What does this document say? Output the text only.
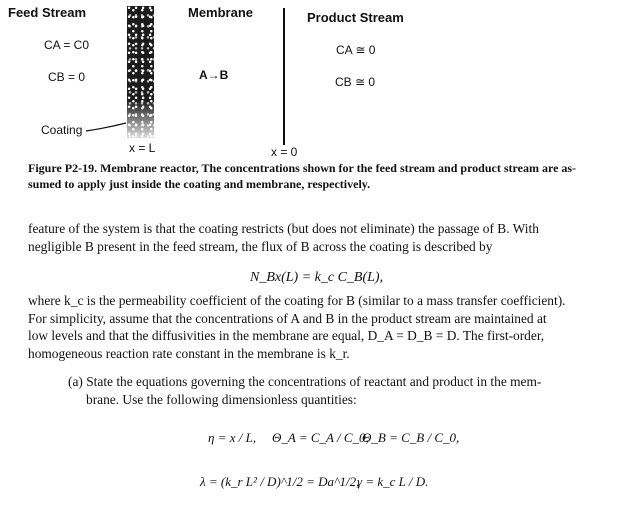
Feed Stream	Membrane	Product Stream
CA = C0
CB = 0	A→B
CA ≅ 0
CB ≅ 0
Coating
x = L	x = 0
Figure P2-19. Membrane reactor, The concentrations shown for the feed stream and product stream are as-
sumed to apply just inside the coating and membrane, respectively.
feature of the system is that the coating restricts (but does not eliminate) the passage of B. With
negligible B present in the feed stream, the flux of B across the coating is described by
N_Bx(L) = k_c C_B(L),
where k_c is the permeability coefficient of the coating for B (similar to a mass transfer coefficient).
For simplicity, assume that the concentrations of A and B in the product stream are maintained at
low levels and that the diffusivities in the membrane are equal, D_A = D_B = D. The first-order,
homogeneous reaction rate constant in the membrane is k_r.
(a) State the equations governing the concentrations of reactant and product in the mem-
brane. Use the following dimensionless quantities:
η = x / L, Θ_A = C_A / C_0,
Θ_B = C_B / C_0,
λ = (k_r L² / D)^1/2 = Da^1/2,
γ = k_c L / D.
